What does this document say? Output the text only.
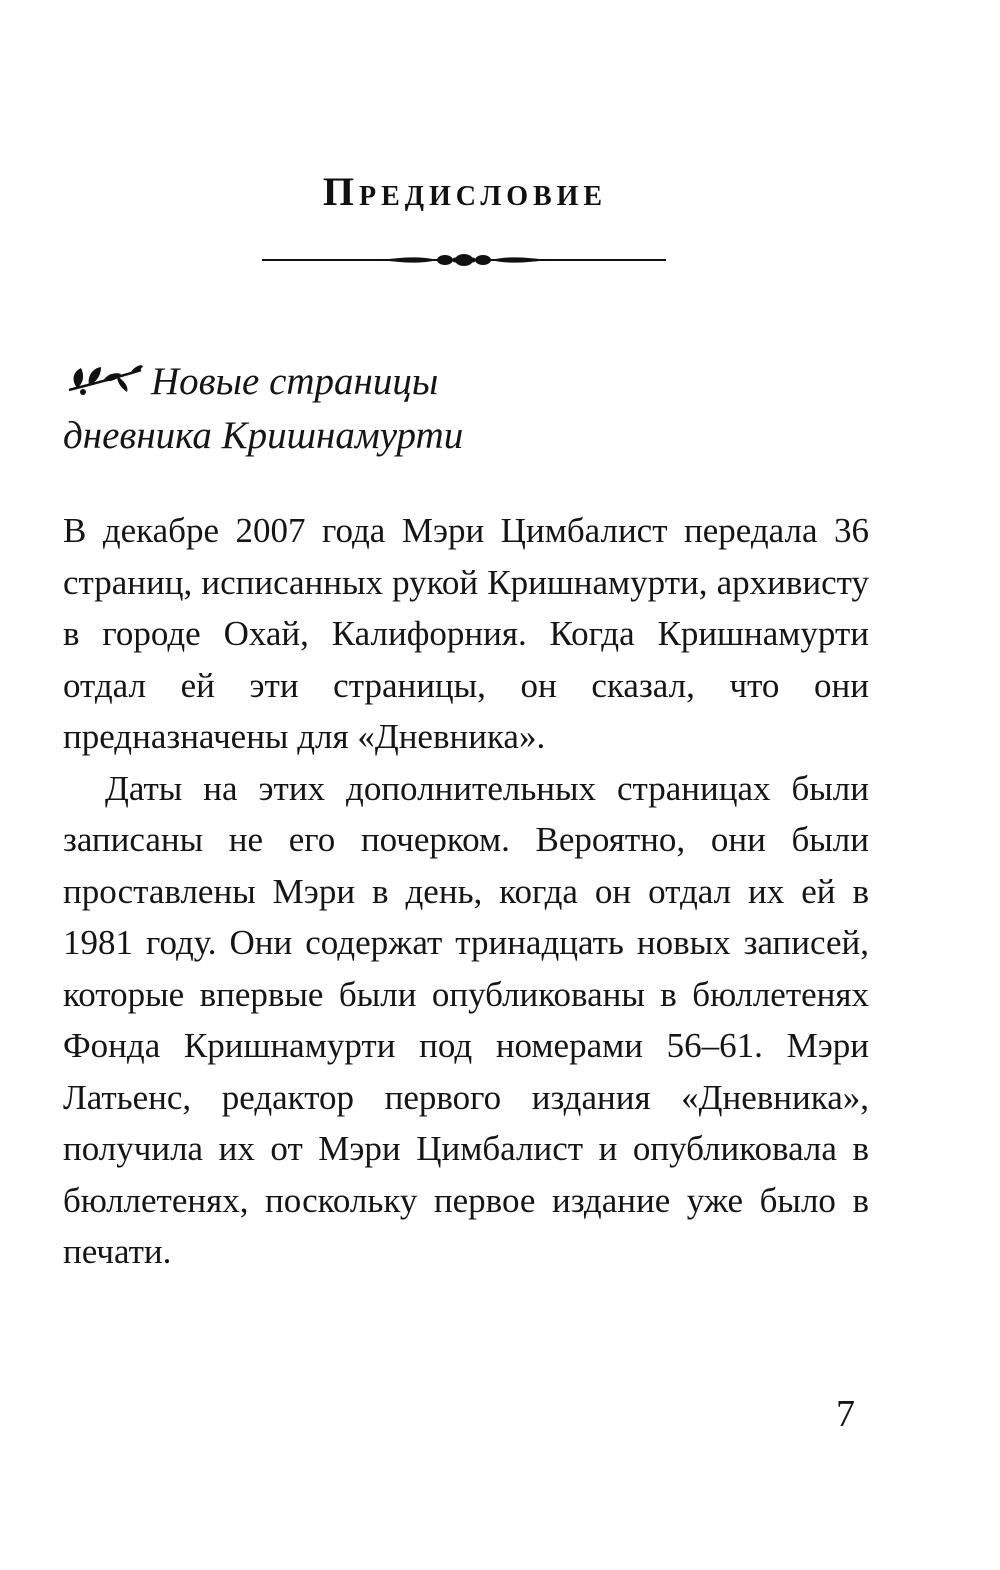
Предисловие
Новые страницы
дневника Кришнамурти

В декабре 2007 года Мэри Цимбалист передала 36 страниц, исписанных рукой Кришнамурти, архивисту в городе Охай, Калифорния. Когда Кришнамурти отдал ей эти страницы, он сказал, что они предназначены для «Дневника».

Даты на этих дополнительных страницах были записаны не его почерком. Вероятно, они были проставлены Мэри в день, когда он отдал их ей в 1981 году. Они содержат тринадцать новых записей, которые впервые были опубликованы в бюллетенях Фонда Кришнамурти под номерами 56–61. Мэри Латьенс, редактор первого издания «Дневника», получила их от Мэри Цимбалист и опубликовала в бюллетенях, поскольку первое издание уже было в печати.

7
